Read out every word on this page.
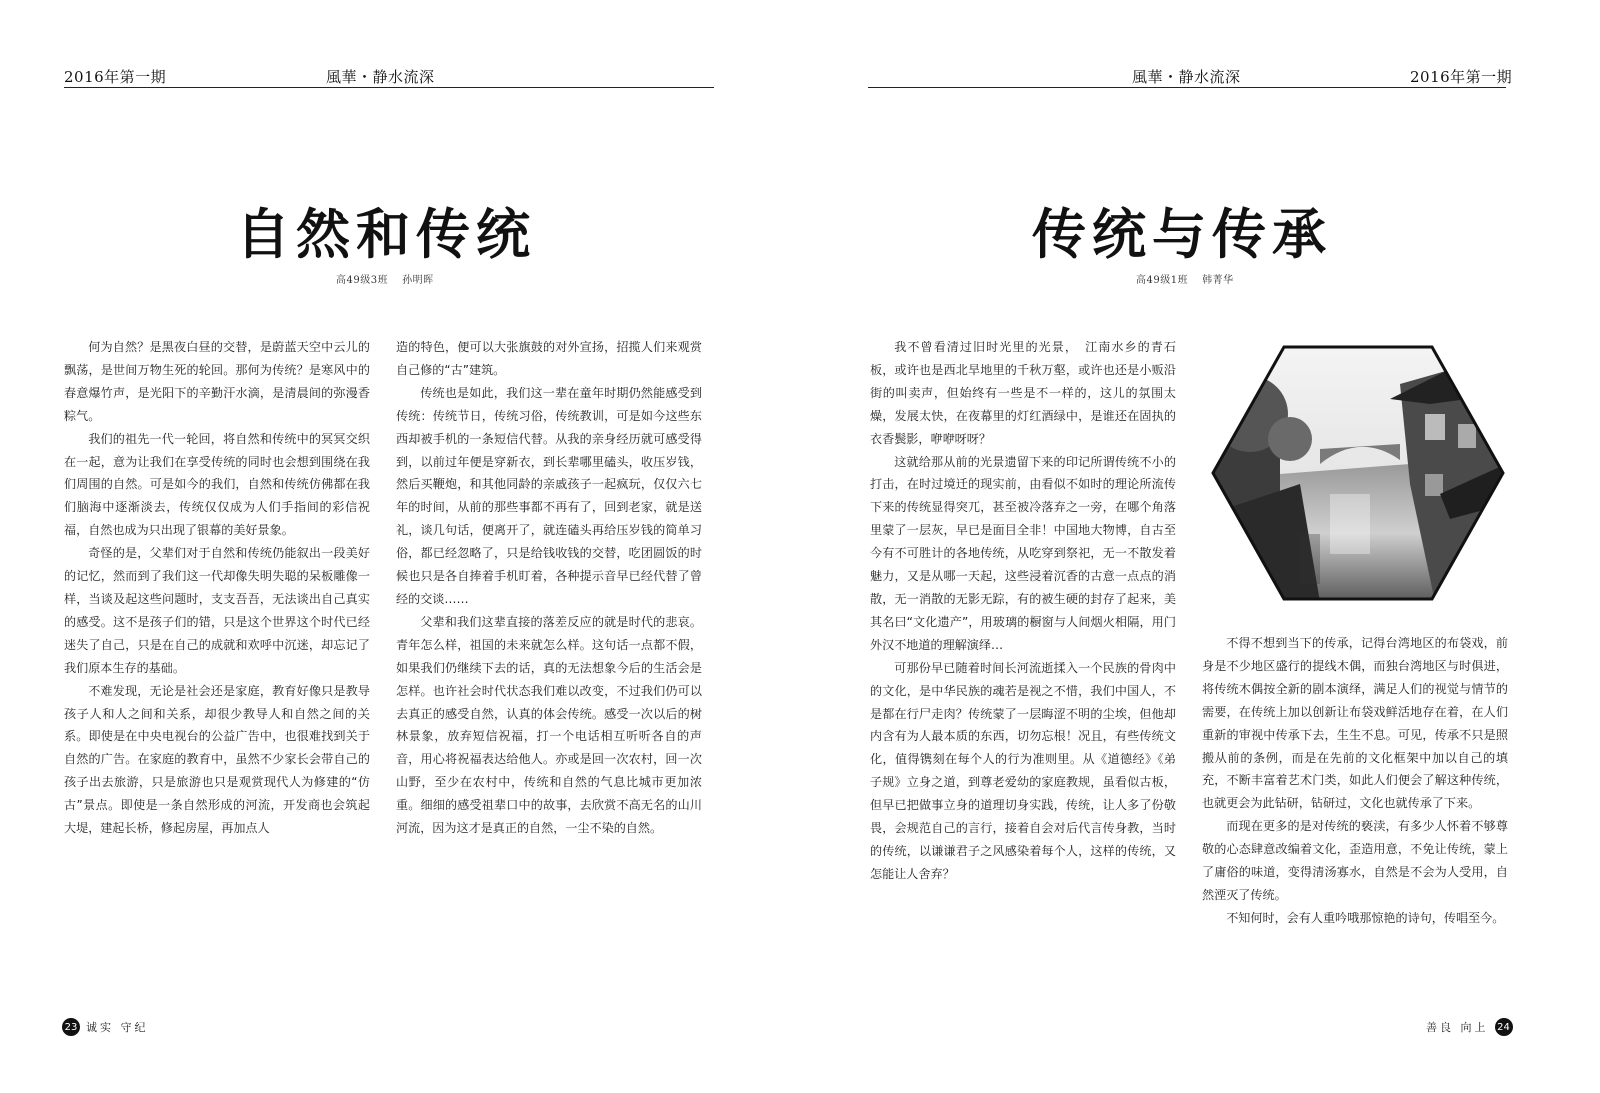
2016年第一期	風華・静水流深
自然和传统
高49级3班 孙明晖

何为自然？是黑夜白昼的交替，是蔚蓝天空中云儿的飘荡，是世间万物生死的轮回。那何为传统？是寒风中的春意爆竹声，是光阳下的辛勤汗水滴，是清晨间的弥漫香粽气。

我们的祖先一代一轮回，将自然和传统中的冥冥交织在一起，意为让我们在享受传统的同时也会想到围绕在我们周围的自然。可是如今的我们，自然和传统仿佛都在我们脑海中逐渐淡去，传统仅仅成为人们手指间的彩信祝福，自然也成为只出现了银幕的美好景象。

奇怪的是，父辈们对于自然和传统仍能叙出一段美好的记忆，然而到了我们这一代却像失明失聪的呆板雕像一样，当谈及起这些问题时，支支吾吾，无法谈出自己真实的感受。这不是孩子们的错，只是这个世界这个时代已经迷失了自己，只是在自己的成就和欢呼中沉迷，却忘记了我们原本生存的基础。

不难发现，无论是社会还是家庭，教育好像只是教导孩子人和人之间和关系，却很少教导人和自然之间的关系。即使是在中央电视台的公益广告中，也很难找到关于自然的广告。在家庭的教育中，虽然不少家长会带自己的孩子出去旅游，只是旅游也只是观赏现代人为修建的“仿古”景点。即使是一条自然形成的河流，开发商也会筑起大堤，建起长桥，修起房屋，再加点人

造的特色，便可以大张旗鼓的对外宣扬，招揽人们来观赏自己修的“古”建筑。

传统也是如此，我们这一辈在童年时期仍然能感受到传统：传统节日，传统习俗，传统教训，可是如今这些东西却被手机的一条短信代替。从我的亲身经历就可感受得到，以前过年便是穿新衣，到长辈哪里磕头，收压岁钱，然后买鞭炮，和其他同龄的亲戚孩子一起疯玩，仅仅六七年的时间，从前的那些事都不再有了，回到老家，就是送礼，谈几句话，便离开了，就连磕头再给压岁钱的简单习俗，都已经忽略了，只是给钱收钱的交替，吃团圆饭的时候也只是各自捧着手机盯着，各种提示音早已经代替了曾经的交谈……

父辈和我们这辈直接的落差反应的就是时代的悲哀。青年怎么样，祖国的未来就怎么样。这句话一点都不假，如果我们仍继续下去的话，真的无法想象今后的生活会是怎样。也许社会时代状态我们难以改变，不过我们仍可以去真正的感受自然，认真的体会传统。感受一次以后的树林景象，放弃短信祝福，打一个电话相互听听各自的声音，用心将祝福表达给他人。亦或是回一次农村，回一次山野，至少在农村中，传统和自然的气息比城市更加浓重。细细的感受祖辈口中的故事，去欣赏不高无名的山川河流，因为这才是真正的自然，一尘不染的自然。

23 诚实 守纪
風華・静水流深	2016年第一期
传统与传承
高49级1班 韩菁华

我不曾看清过旧时光里的光景，　江南水乡的青石板，或许也是西北旱地里的千秋万壑，或许也还是小贩沿街的叫卖声，但始终有一些是不一样的，这儿的氛围太燥，发展太快，在夜幕里的灯红酒绿中，是谁还在固执的衣香鬓影，咿咿呀呀？

这就给那从前的光景遗留下来的印记所谓传统不小的打击，在时过境迁的现实前，由看似不如时的理论所流传下来的传统显得突兀，甚至被冷落弃之一旁，在哪个角落里蒙了一层灰，早已是面目全非！中国地大物博，自古至今有不可胜计的各地传统，从吃穿到祭祀，无一不散发着魅力，又是从哪一天起，这些浸着沉香的古意一点点的消散，无一消散的无影无踪，有的被生硬的封存了起来，美其名曰“文化遗产”，用玻璃的橱窗与人间烟火相隔，用门外汉不地道的理解演绎…

可那份早已随着时间长河流逝揉入一个民族的骨肉中的文化，是中华民族的魂若是视之不惜，我们中国人，不是都在行尸走肉？传统蒙了一层晦涩不明的尘埃，但他却内含有为人最本质的东西，切勿忘根！况且，有些传统文化，值得镌刻在每个人的行为准则里。从《道德经》《弟子规》立身之道，到尊老爱幼的家庭教规，虽看似古板，但早已把做事立身的道理切身实践，传统，让人多了份敬畏，会规范自己的言行，接着自会对后代言传身教，当时的传统，以谦谦君子之风感染着每个人，这样的传统，又怎能让人舍弃？

不得不想到当下的传承，记得台湾地区的布袋戏，前身是不少地区盛行的提线木偶，而独台湾地区与时俱进，将传统木偶按全新的剧本演绎，满足人们的视觉与情节的需要，在传统上加以创新让布袋戏鲜活地存在着，在人们重新的审视中传承下去，生生不息。可见，传承不只是照搬从前的条例，而是在先前的文化框架中加以自己的填充，不断丰富着艺术门类，如此人们便会了解这种传统，也就更会为此钻研，钻研过，文化也就传承了下来。

而现在更多的是对传统的亵渎，有多少人怀着不够尊敬的心态肆意改编着文化，歪造用意，不免让传统，蒙上了庸俗的味道，变得清汤寡水，自然是不会为人受用，自然湮灭了传统。

不知何时，会有人重吟哦那惊艳的诗句，传唱至今。

善良 向上 24
